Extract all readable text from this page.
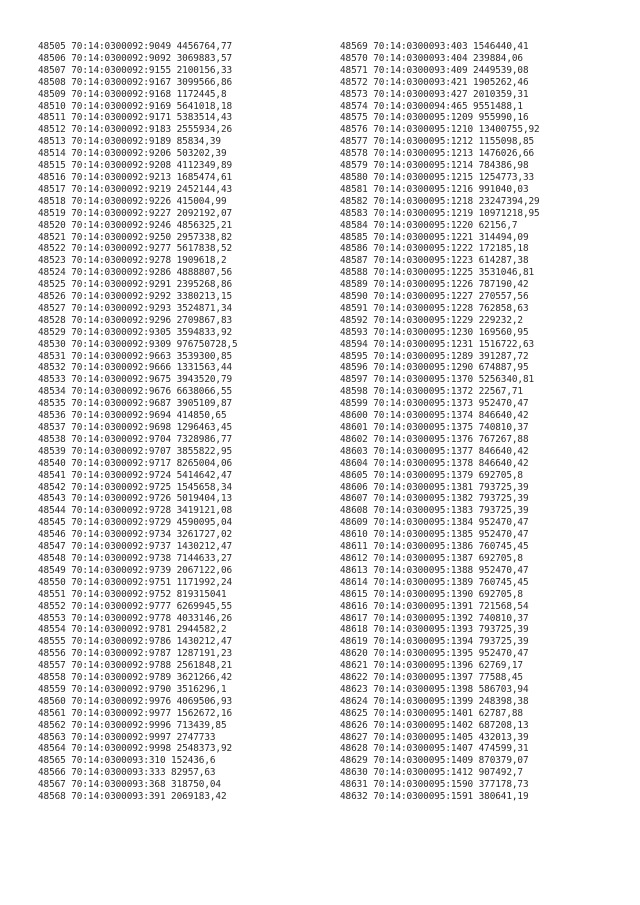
48505 70:14:0300092:9049 4456764,77
48506 70:14:0300092:9092 3069883,57
48507 70:14:0300092:9155 2100156,33
48508 70:14:0300092:9167 3099566,86
48509 70:14:0300092:9168 1172445,8
48510 70:14:0300092:9169 5641018,18
48511 70:14:0300092:9171 5383514,43
48512 70:14:0300092:9183 2555934,26
48513 70:14:0300092:9189 85834,39
48514 70:14:0300092:9206 503202,39
48515 70:14:0300092:9208 4112349,89
48516 70:14:0300092:9213 1685474,61
48517 70:14:0300092:9219 2452144,43
48518 70:14:0300092:9226 415004,99
48519 70:14:0300092:9227 2092192,07
48520 70:14:0300092:9246 4856325,21
48521 70:14:0300092:9250 2957338,82
48522 70:14:0300092:9277 5617838,52
48523 70:14:0300092:9278 1909618,2
48524 70:14:0300092:9286 4888807,56
48525 70:14:0300092:9291 2395268,86
48526 70:14:0300092:9292 3380213,15
48527 70:14:0300092:9293 3524871,34
48528 70:14:0300092:9296 2709867,83
48529 70:14:0300092:9305 3594833,92
48530 70:14:0300092:9309 976750728,5
48531 70:14:0300092:9663 3539300,85
48532 70:14:0300092:9666 1331563,44
48533 70:14:0300092:9675 3943520,79
48534 70:14:0300092:9676 6638066,55
48535 70:14:0300092:9687 3905109,87
48536 70:14:0300092:9694 414850,65
48537 70:14:0300092:9698 1296463,45
48538 70:14:0300092:9704 7328986,77
48539 70:14:0300092:9707 3855822,95
48540 70:14:0300092:9717 8265004,06
48541 70:14:0300092:9724 5414642,47
48542 70:14:0300092:9725 1545658,34
48543 70:14:0300092:9726 5019404,13
48544 70:14:0300092:9728 3419121,08
48545 70:14:0300092:9729 4590095,04
48546 70:14:0300092:9734 3261727,02
48547 70:14:0300092:9737 1430212,47
48548 70:14:0300092:9738 7144633,27
48549 70:14:0300092:9739 2067122,06
48550 70:14:0300092:9751 1171992,24
48551 70:14:0300092:9752 819315041
48552 70:14:0300092:9777 6269945,55
48553 70:14:0300092:9778 4033146,26
48554 70:14:0300092:9781 2944582,2
48555 70:14:0300092:9786 1430212,47
48556 70:14:0300092:9787 1287191,23
48557 70:14:0300092:9788 2561848,21
48558 70:14:0300092:9789 3621266,42
48559 70:14:0300092:9790 3516296,1
48560 70:14:0300092:9976 4069506,93
48561 70:14:0300092:9977 1562672,16
48562 70:14:0300092:9996 713439,85
48563 70:14:0300092:9997 2747733
48564 70:14:0300092:9998 2548373,92
48565 70:14:0300093:310 152436,6
48566 70:14:0300093:333 82957,63
48567 70:14:0300093:368 318750,04
48568 70:14:0300093:391 2069183,42
48569 70:14:0300093:403 1546440,41
48570 70:14:0300093:404 239884,06
48571 70:14:0300093:409 2449539,08
48572 70:14:0300093:421 1905262,46
48573 70:14:0300093:427 2010359,31
48574 70:14:0300094:465 9551488,1
48575 70:14:0300095:1209 955990,16
48576 70:14:0300095:1210 13400755,92
48577 70:14:0300095:1212 1155098,85
48578 70:14:0300095:1213 1476026,66
48579 70:14:0300095:1214 784386,98
48580 70:14:0300095:1215 1254773,33
48581 70:14:0300095:1216 991040,03
48582 70:14:0300095:1218 23247394,29
48583 70:14:0300095:1219 10971218,95
48584 70:14:0300095:1220 62156,7
48585 70:14:0300095:1221 314494,09
48586 70:14:0300095:1222 172185,18
48587 70:14:0300095:1223 614287,38
48588 70:14:0300095:1225 3531046,81
48589 70:14:0300095:1226 787190,42
48590 70:14:0300095:1227 270557,56
48591 70:14:0300095:1228 762858,63
48592 70:14:0300095:1229 229232,2
48593 70:14:0300095:1230 169560,95
48594 70:14:0300095:1231 1516722,63
48595 70:14:0300095:1289 391287,72
48596 70:14:0300095:1290 674887,95
48597 70:14:0300095:1370 5256340,81
48598 70:14:0300095:1372 22567,71
48599 70:14:0300095:1373 952470,47
48600 70:14:0300095:1374 846640,42
48601 70:14:0300095:1375 740810,37
48602 70:14:0300095:1376 767267,88
48603 70:14:0300095:1377 846640,42
48604 70:14:0300095:1378 846640,42
48605 70:14:0300095:1379 692705,8
48606 70:14:0300095:1381 793725,39
48607 70:14:0300095:1382 793725,39
48608 70:14:0300095:1383 793725,39
48609 70:14:0300095:1384 952470,47
48610 70:14:0300095:1385 952470,47
48611 70:14:0300095:1386 760745,45
48612 70:14:0300095:1387 692705,8
48613 70:14:0300095:1388 952470,47
48614 70:14:0300095:1389 760745,45
48615 70:14:0300095:1390 692705,8
48616 70:14:0300095:1391 721568,54
48617 70:14:0300095:1392 740810,37
48618 70:14:0300095:1393 793725,39
48619 70:14:0300095:1394 793725,39
48620 70:14:0300095:1395 952470,47
48621 70:14:0300095:1396 62769,17
48622 70:14:0300095:1397 77588,45
48623 70:14:0300095:1398 586703,94
48624 70:14:0300095:1399 248398,38
48625 70:14:0300095:1401 62787,88
48626 70:14:0300095:1402 687208,13
48627 70:14:0300095:1405 432013,39
48628 70:14:0300095:1407 474599,31
48629 70:14:0300095:1409 870379,07
48630 70:14:0300095:1412 907492,7
48631 70:14:0300095:1590 377178,73
48632 70:14:0300095:1591 380641,19
